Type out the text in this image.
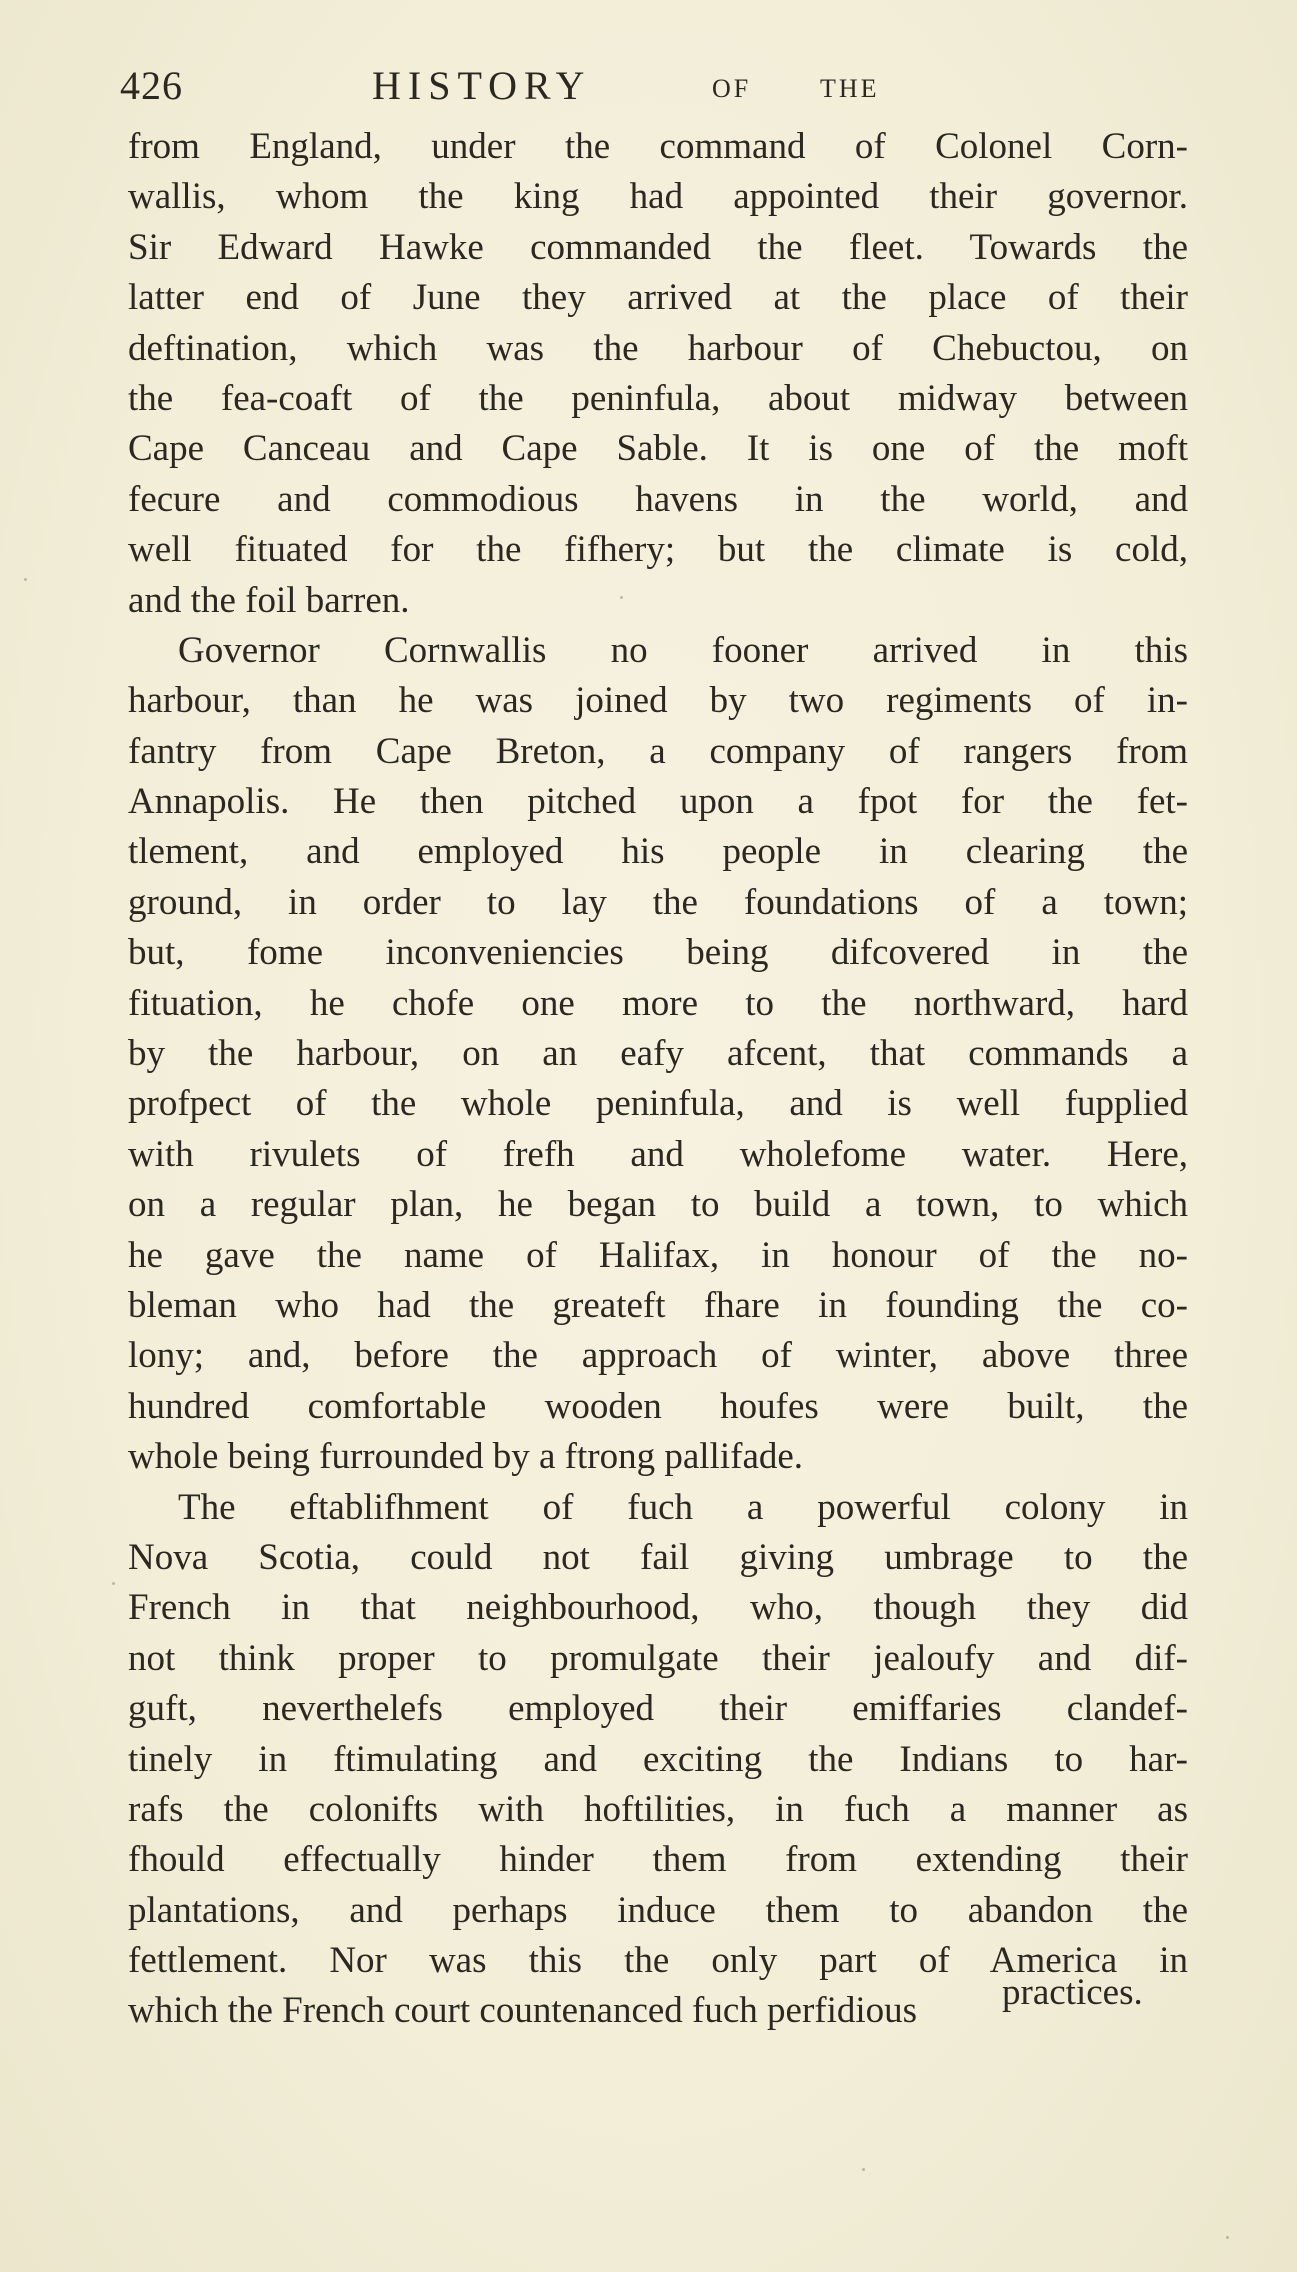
426	HISTORY	OF	THE
from England, under the command of Colonel Corn-
wallis, whom the king had appointed their governor.
Sir Edward Hawke commanded the fleet. Towards the
latter end of June they arrived at the place of their
deftination, which was the harbour of Chebuctou, on
the fea-coaft of the peninfula, about midway between
Cape Canceau and Cape Sable. It is one of the moft
fecure and commodious havens in the world, and
well fituated for the fifhery; but the climate is cold,
and the foil barren.
Governor Cornwallis no fooner arrived in this
harbour, than he was joined by two regiments of in-
fantry from Cape Breton, a company of rangers from
Annapolis. He then pitched upon a fpot for the fet-
tlement, and employed his people in clearing the
ground, in order to lay the foundations of a town;
but, fome inconveniencies being difcovered in the
fituation, he chofe one more to the northward, hard
by the harbour, on an eafy afcent, that commands a
profpect of the whole peninfula, and is well fupplied
with rivulets of frefh and wholefome water. Here,
on a regular plan, he began to build a town, to which
he gave the name of Halifax, in honour of the no-
bleman who had the greateft fhare in founding the co-
lony; and, before the approach of winter, above three
hundred comfortable wooden houfes were built, the
whole being furrounded by a ftrong pallifade.
The eftablifhment of fuch a powerful colony in
Nova Scotia, could not fail giving umbrage to the
French in that neighbourhood, who, though they did
not think proper to promulgate their jealoufy and dif-
guft, neverthelefs employed their emiffaries clandef-
tinely in ftimulating and exciting the Indians to har-
rafs the colonifts with hoftilities, in fuch a manner as
fhould effectually hinder them from extending their
plantations, and perhaps induce them to abandon the
fettlement. Nor was this the only part of America in
which the French court countenanced fuch perfidious	practices.
